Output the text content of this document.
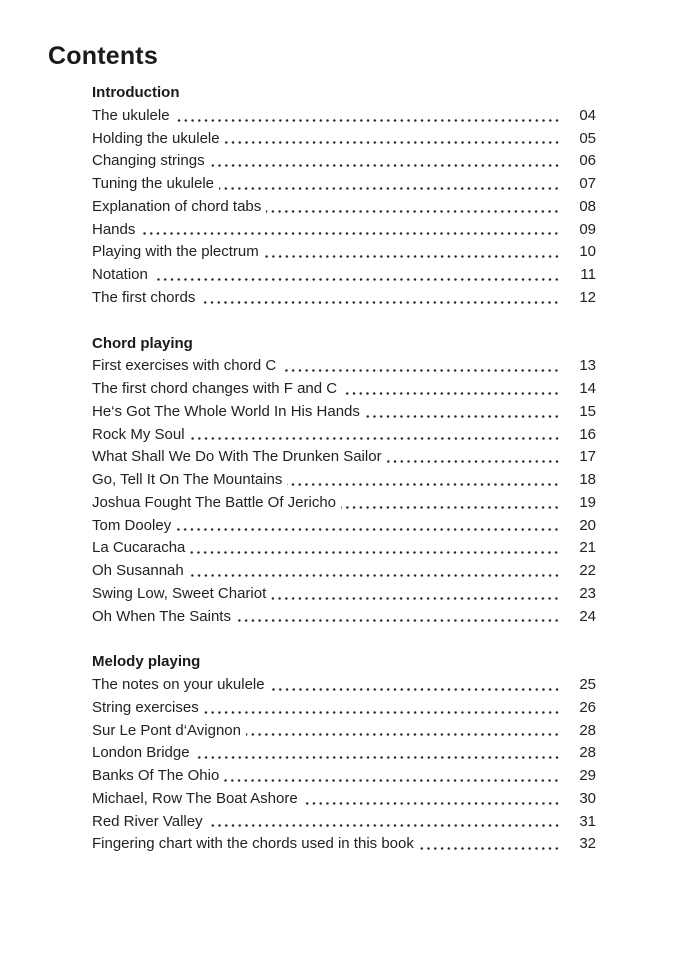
Contents
Introduction
The ukulele	04
Holding the ukulele	05
Changing strings	06
Tuning the ukulele	07
Explanation of chord tabs	08
Hands	09
Playing with the plectrum	10
Notation	11
The first chords	12
Chord playing
First exercises with chord C	13
The first chord changes with F and C	14
He‘s Got The Whole World In His Hands	15
Rock My Soul	16
What Shall We Do With The Drunken Sailor	17
Go, Tell It On The Mountains	18
Joshua Fought The Battle Of Jericho	19
Tom Dooley	20
La Cucaracha	21
Oh Susannah	22
Swing Low, Sweet Chariot	23
Oh When The Saints	24
Melody playing
The notes on your ukulele	25
String exercises	26
Sur Le Pont d‘Avignon	28
London Bridge	28
Banks Of The Ohio	29
Michael, Row The Boat Ashore	30
Red River Valley	31
Fingering chart with the chords used in this book	32
